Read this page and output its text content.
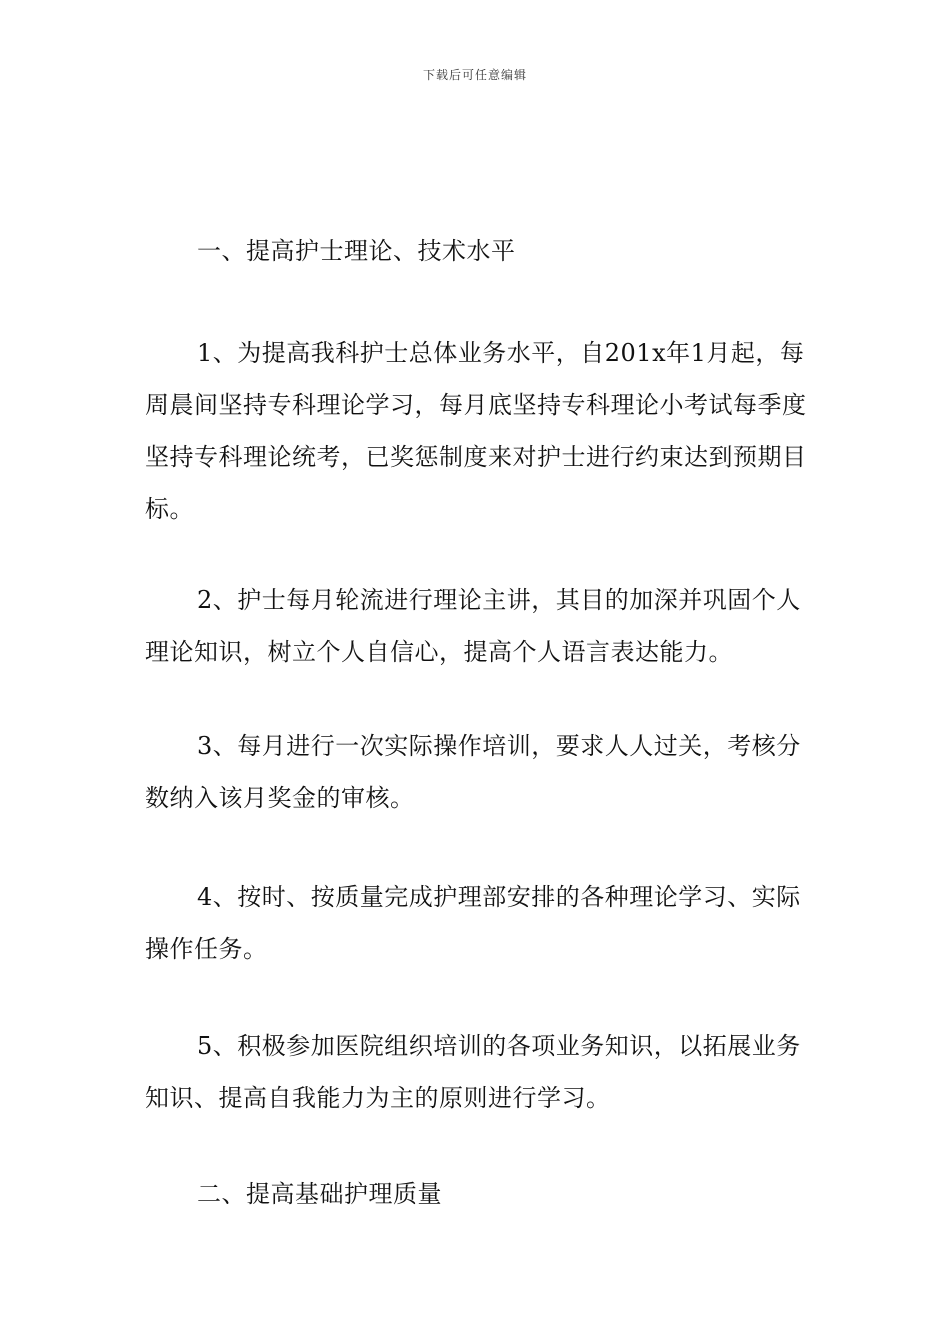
下载后可任意编辑

一、提高护士理论、技术水平

1、为提高我科护士总体业务水平，自201x年1月起，每周晨间坚持专科理论学习，每月底坚持专科理论小考试每季度坚持专科理论统考，已奖惩制度来对护士进行约束达到预期目标。

2、护士每月轮流进行理论主讲，其目的加深并巩固个人理论知识，树立个人自信心，提高个人语言表达能力。

3、每月进行一次实际操作培训，要求人人过关，考核分数纳入该月奖金的审核。

4、按时、按质量完成护理部安排的各种理论学习、实际操作任务。

5、积极参加医院组织培训的各项业务知识，以拓展业务知识、提高自我能力为主的原则进行学习。

二、提高基础护理质量
